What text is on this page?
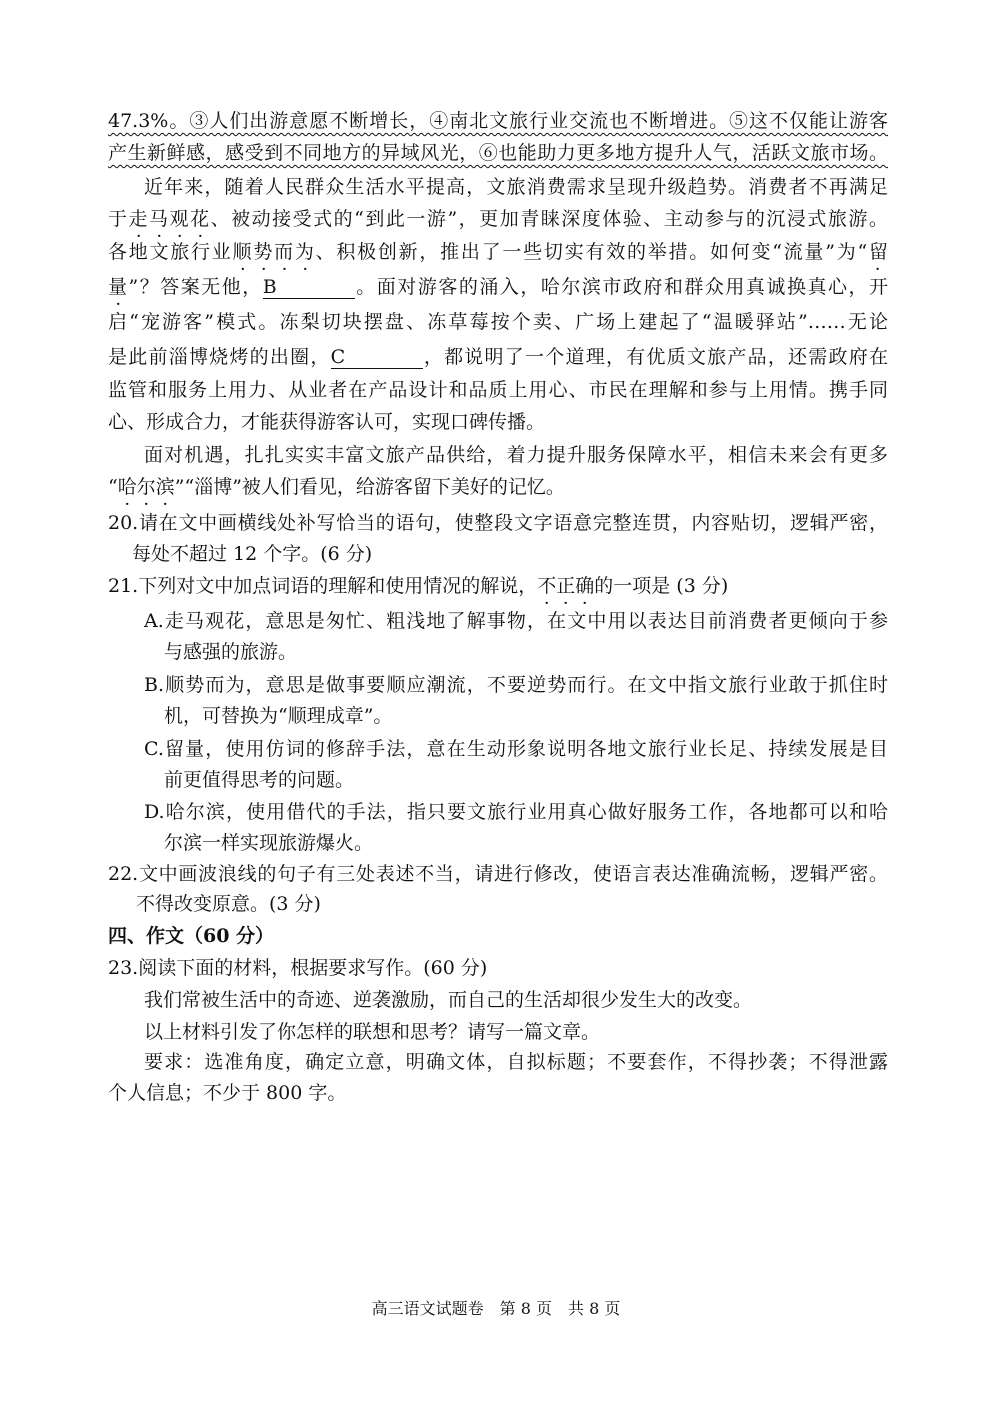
47.3%。③人们出游意愿不断增长，④南北文旅行业交流也不断增进。⑤这不仅能让游客
产生新鲜感，感受到不同地方的异域风光，⑥也能助力更多地方提升人气，活跃文旅市场。
近年来，随着人民群众生活水平提高，文旅消费需求呈现升级趋势。消费者不再满足
于走马观花、被动接受式的“到此一游”，更加青睐深度体验、主动参与的沉浸式旅游。
各地文旅行业顺势而为、积极创新，推出了一些切实有效的举措。如何变“流量”为“留
量”？答案无他，B	。面对游客的涌入，哈尔滨市政府和群众用真诚换真心，开
启“宠游客”模式。冻梨切块摆盘、冻草莓按个卖、广场上建起了“温暖驿站”……无论
是此前淄博烧烤的出圈，C	，都说明了一个道理，有优质文旅产品，还需政府在
监管和服务上用力、从业者在产品设计和品质上用心、市民在理解和参与上用情。携手同
心、形成合力，才能获得游客认可，实现口碑传播。
面对机遇，扎扎实实丰富文旅产品供给，着力提升服务保障水平，相信未来会有更多
“哈尔滨”“淄博”被人们看见，给游客留下美好的记忆。
20.请在文中画横线处补写恰当的语句，使整段文字语意完整连贯，内容贴切，逻辑严密，
每处不超过 12 个字。(6 分)
21.下列对文中加点词语的理解和使用情况的解说，不正确的一项是 (3 分)
A.走马观花，意思是匆忙、粗浅地了解事物，在文中用以表达目前消费者更倾向于参
与感强的旅游。
B.顺势而为，意思是做事要顺应潮流，不要逆势而行。在文中指文旅行业敢于抓住时
机，可替换为“顺理成章”。
C.留量，使用仿词的修辞手法，意在生动形象说明各地文旅行业长足、持续发展是目
前更值得思考的问题。
D.哈尔滨，使用借代的手法，指只要文旅行业用真心做好服务工作，各地都可以和哈
尔滨一样实现旅游爆火。
22.文中画波浪线的句子有三处表述不当，请进行修改，使语言表达准确流畅，逻辑严密。
不得改变原意。(3 分)
四、作文（60 分）
23.阅读下面的材料，根据要求写作。(60 分)
我们常被生活中的奇迹、逆袭激励，而自己的生活却很少发生大的改变。
以上材料引发了你怎样的联想和思考？请写一篇文章。
要求：选准角度，确定立意，明确文体，自拟标题；不要套作，不得抄袭；不得泄露
个人信息；不少于 800 字。
高三语文试题卷　第 8 页　共 8 页
